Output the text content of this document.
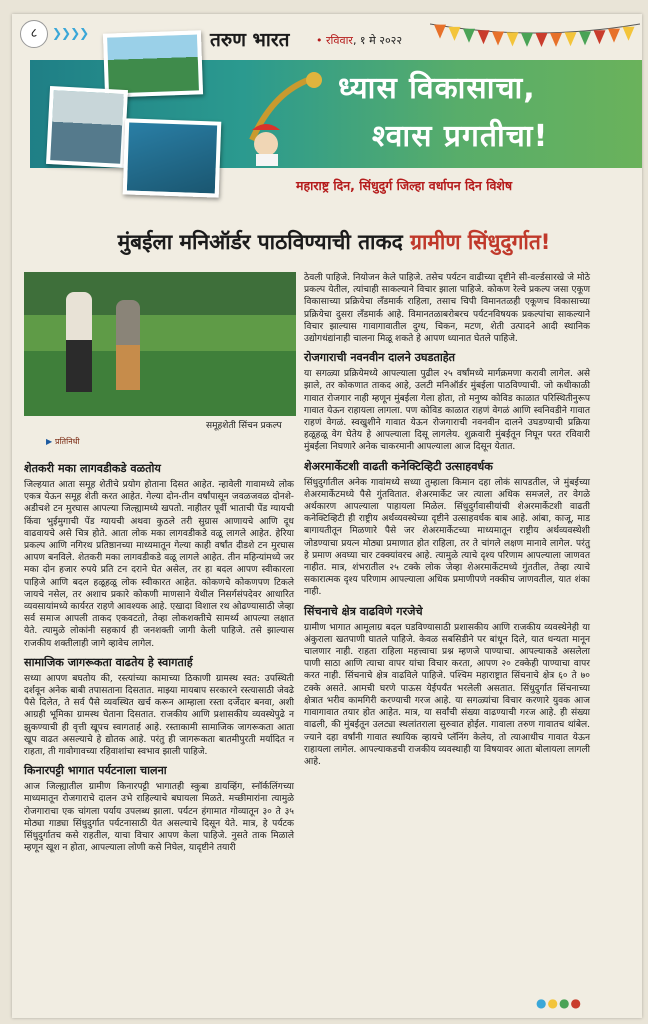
८	❯❯❯❯	तरुण भारत • रविवार, १ मे २०२२
ध्यास विकासाचा,
श्वास प्रगतीचा!
महाराष्ट्र दिन, सिंधुदुर्ग जिल्हा वर्धापन दिन विशेष
मुंबईला मनिऑर्डर पाठविण्याची ताकद ग्रामीण सिंधुदुर्गात!
समूहशेती सिंचन प्रकल्प
▶ प्रतिनिधी
शेतकरी मका लागवडीकडे वळतोय

जिल्हयात आता समूह शेतीचे प्रयोग होताना दिसत आहेत. न्हावेली गावामध्ये लोक एकत्र येऊन समूह शेती करत आहेत. गेल्या दोन-तीन वर्षांपासून जवळजवळ दोनशे-अडीचशे टन मुरघास आपल्या जिल्ह्यामध्ये खपतो. नाहीतर पूर्वी भाताची पेंड ग्यायची किंवा भुईमुगाची पेंड ग्यायची अथवा कुठले तरी सुग्रास आणायचे आणि दूध वाढवायचे असे चित्र होते. आता लोक मका लागवडीकडे वळू लागले आहेत. हेरिया प्रकल्प आणि नगिरथ प्रतिष्ठानच्या माध्यमातून गेल्या काही वर्षांत दीडशे टन मुरघास आपण बनविले. शेतकरी मका लागवडीकडे वळू लागले आहेत. तीन महिन्यांमध्ये जर मका दोन हजार रुपये प्रति टन दराने घेत असेल, तर हा बदल आपण स्वीकारला पाहिजे आणि बदल हळूहळू लोक स्वीकारत आहेत. कोकणचे कोकणपण टिकले जायचे नसेल, तर अशाच प्रकारे कोकणी माणसाने येथील निसर्गसंपदेवर आधारित व्यवसायांमध्ये कार्यरत राहणे आवश्यक आहे. एखादा विशाल रथ ओढण्यासाठी जेव्हा सर्व समाज आपली ताकद एकवटतो, तेव्हा लोकशक्तीचे सामर्थ्य आपल्या लक्षात येते. त्यामुळे लोकांनी सहकार्य ही जनशक्ती जागी केली पाहिजे. तसे झाल्यास राजकीय शक्तीलाही जागे व्हावेच लागेल.

सामाजिक जागरूकता वाढतेय हे स्वागतार्ह

सध्या आपण बघतोय की, रस्त्यांच्या कामाच्या ठिकाणी ग्रामस्थ स्वत: उपस्थिती दर्शवून अनेक बाबी तपासताना दिसतात. माझ्या मायबाप सरकारने रस्त्यासाठी जेवढे पैसे दिलेत, ते सर्व पैसे व्यवस्थित खर्च करून आम्हाला रस्ता दर्जेदार बनवा, अशी आग्रही भूमिका ग्रामस्थ घेताना दिसतात. राजकीय आणि प्रशासकीय व्यवस्थेपुढे न झुकण्याची ही वृत्ती खूपच स्वागतार्ह आहे. रस्ताकामी सामाजिक जागरूकता आता खूप वाढत असल्याचे हे द्योतक आहे. परंतु ही जागरूकता बातमीपुरती मर्यादित न राहता, ती गावोगावच्या रहिवाशांचा स्वभाव झाली पाहिजे.

किनारपट्टी भागात पर्यटनाला चालना

आज जिल्ह्यातील ग्रामीण किनारपट्टी भागातही स्कुबा डायव्हिंग, स्नॉर्कलिंगच्या माध्यमातून रोजगाराचे दालन उभे राहिल्याचे बघायला मिळते. मच्छीमारांना त्यामुळे रोजगाराचा एक चांगला पर्याय उपलब्ध झाला. पर्यटन हंगामात गोव्यातून ३० ते ३५ मोठ्या गाड्या सिंधुदुर्गात पर्यटनासाठी येत असल्याचे दिसून येते. मात्र, हे पर्यटक सिंधुदुर्गातच कसे राहतील, याचा विचार आपण केला पाहिजे. नुसते ताक मिळाले म्हणून खूश न होता, आपल्याला लोणी कसे निघेल, यादृष्टीने तयारी

ठेवली पाहिजे. नियोजन केले पाहिजे. तसेच पर्यटन वाढीच्या दृष्टीने सी-वर्ल्डसारखे जे मोठे प्रकल्प येतील, त्यांचाही साकल्याने विचार झाला पाहिजे. कोकण रेल्वे प्रकल्प जसा एकूण विकासाच्या प्रक्रियेचा लँडमार्क राहिला, तसाच चिपी विमानतळही एकूणच विकासाच्या प्रक्रियेचा दुसरा लँडमार्क आहे. विमानतळाबरोबरच पर्यटनविषयक प्रकल्पांचा साकल्याने विचार झाल्यास गावागावातील दुग्ध, चिकन, मटण, शेती उत्पादने आदी स्थानिक उद्योगधंद्यांनाही चालना मिळू शकते हे आपण ध्यानात घेतले पाहिजे.

रोजगाराची नवनवीन दालने उघडताहेत

या सगळ्या प्रक्रियेमध्ये आपल्याला पुढील २५ वर्षांमध्ये मार्गक्रमणा करावी लागेल. असे झाले, तर कोकणात ताकद आहे, उलटी मनिऑर्डर मुंबईला पाठविण्याची. जो कधीकाळी गावात रोजगार नाही म्हणून मुंबईला गेला होता, तो मनुष्य कोविड काळात परिस्थितीनुरूप गावात येऊन राहायला लागला. पण कोविड काळात राहणं वेगळं आणि स्वनिवडीने गावात राहणं वेगळं. स्वखुशीने गावात येऊन रोजगाराची नवनवीन दालने उघडण्याची प्रक्रिया हळूहळू वेग घेतेय हे आपल्याला दिसू लागलेय. शुक्रवारी मुंबईतून निघून परत रविवारी मुंबईला निघणारे अनेक चाकरमानी आपल्याला आज दिसून येतात.

शेअरमार्केटशी वाढती कनेक्टिव्हिटी उत्साहवर्धक

सिंधुदुर्गातील अनेक गावांमध्ये सध्या तुम्हाला किमान दहा लोकं सापडतील, जे मुंबईच्या शेअरमार्केटमध्ये पैसे गुंतवितात. शेअरमार्केट जर त्याला अधिक समजले, तर वेगळे अर्थकारण आपल्याला पाहायला मिळेल. सिंधुदुर्गवासीयांची शेअरमार्केटशी वाढती कनेक्टिव्हिटी ही राष्ट्रीय अर्थव्यवस्थेच्या दृष्टीने उत्साहवर्धक बाब आहे. आंबा, काजू, माड बागायतीतून मिळणारे पैसे जर शेअरमार्केटच्या माध्यमातून राष्ट्रीय अर्थव्यवस्थेशी जोडण्याचा प्रयत्न मोठ्या प्रमाणात होत राहिला, तर ते चांगले लक्षण मानावे लागेल. परंतु हे प्रमाण अवघ्या चार टक्क्यांवरच आहे. त्यामुळे त्याचे दृश्य परिणाम आपल्याला जाणवत नाहीत. मात्र, शंभरातील २५ टक्के लोक जेव्हा शेअरमार्केटमध्ये गुंततील, तेव्हा त्याचे सकारात्मक दृश्य परिणाम आपल्याला अधिक प्रमाणीपणे नक्कीच जाणवतील, यात शंका नाही.

सिंचनाचे क्षेत्र वाढविणे गरजेचे

ग्रामीण भागात आमूलाग्र बदल घडविण्यासाठी प्रशासकीय आणि राजकीय व्यवस्थेनेही या अंकुराला खतपाणी घातले पाहिजे. केवळ सबसिडीने पर बांधून दिले, यात धन्यता मानून चालणार नाही. राहता राहिला महत्त्वाचा प्रश्न म्हणजे पाण्याचा. आपल्याकडे असलेला पाणी साठा आणि त्याचा वापर यांचा विचार करता, आपण २० टक्केही पाण्याचा वापर करत नाही. सिंचनाचे क्षेत्र वाढविले पाहिजे. पश्चिम महाराष्ट्रात सिंचनाचे क्षेत्र ६० ते ७० टक्के असते. आमची घरणे पाऊस येईपर्यंत भरलेली असतात. सिंधुदुर्गात सिंचनाच्या क्षेत्रात भरीव कामगिरी करण्याची गरज आहे. या सगळ्यांचा विचार करणारे युवक आज गावागावात तयार होत आहेत. मात्र, या सर्वांची संख्या वाढण्याची गरज आहे. ही संख्या वाढली, की मुंबईतून उलट्या स्थलांतराला सुरुवात होईल. गावाला तरुण गावातच थांबेल. ज्याने दहा वर्षांनी गावात स्थायिक व्हायचे प्लॅनिंग केलेय, तो त्याआधीच गावात येऊन राहायला लागेल. आपल्याकडची राजकीय व्यवस्थाही या विषयावर आता बोलायला लागली आहे.

●●●●
